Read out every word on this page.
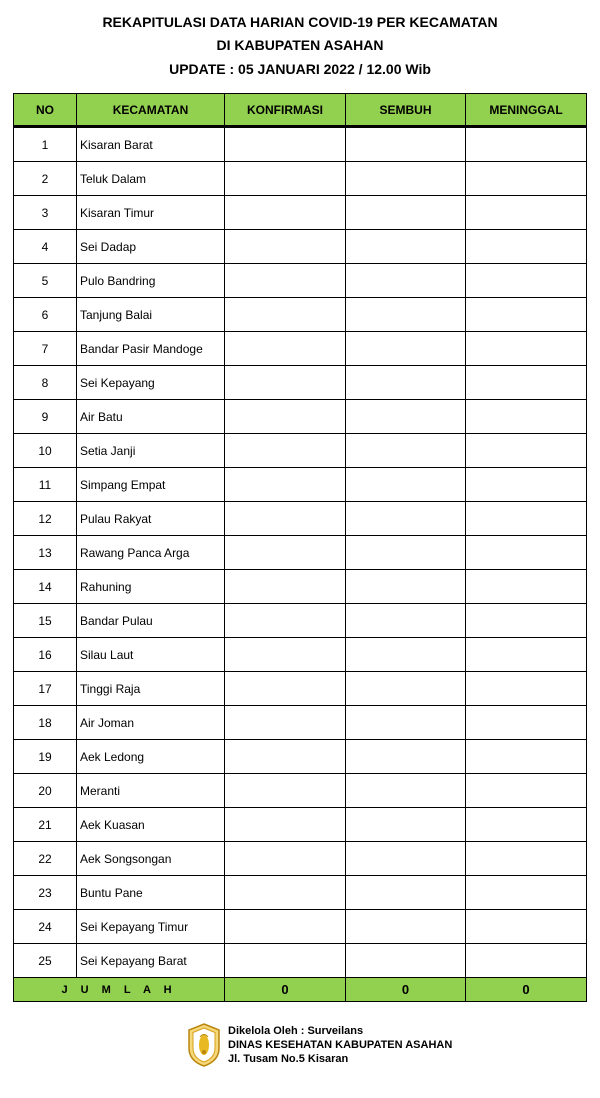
REKAPITULASI DATA HARIAN COVID-19 PER KECAMATAN
DI KABUPATEN ASAHAN
UPDATE : 05 JANUARI 2022 / 12.00 Wib
NO	KECAMATAN	KONFIRMASI	SEMBUH	MENINGGAL
1	Kisaran Barat			
2	Teluk Dalam			
3	Kisaran Timur			
4	Sei Dadap			
5	Pulo Bandring			
6	Tanjung Balai			
7	Bandar Pasir Mandoge			
8	Sei Kepayang			
9	Air Batu			
10	Setia Janji			
11	Simpang Empat			
12	Pulau Rakyat			
13	Rawang Panca Arga			
14	Rahuning			
15	Bandar Pulau			
16	Silau Laut			
17	Tinggi Raja			
18	Air Joman			
19	Aek Ledong			
20	Meranti			
21	Aek Kuasan			
22	Aek Songsongan			
23	Buntu Pane			
24	Sei Kepayang Timur			
25	Sei Kepayang Barat			
J U M L A H		0	0	0
Dikelola Oleh : Surveilans
DINAS KESEHATAN KABUPATEN ASAHAN
Jl. Tusam No.5 Kisaran
